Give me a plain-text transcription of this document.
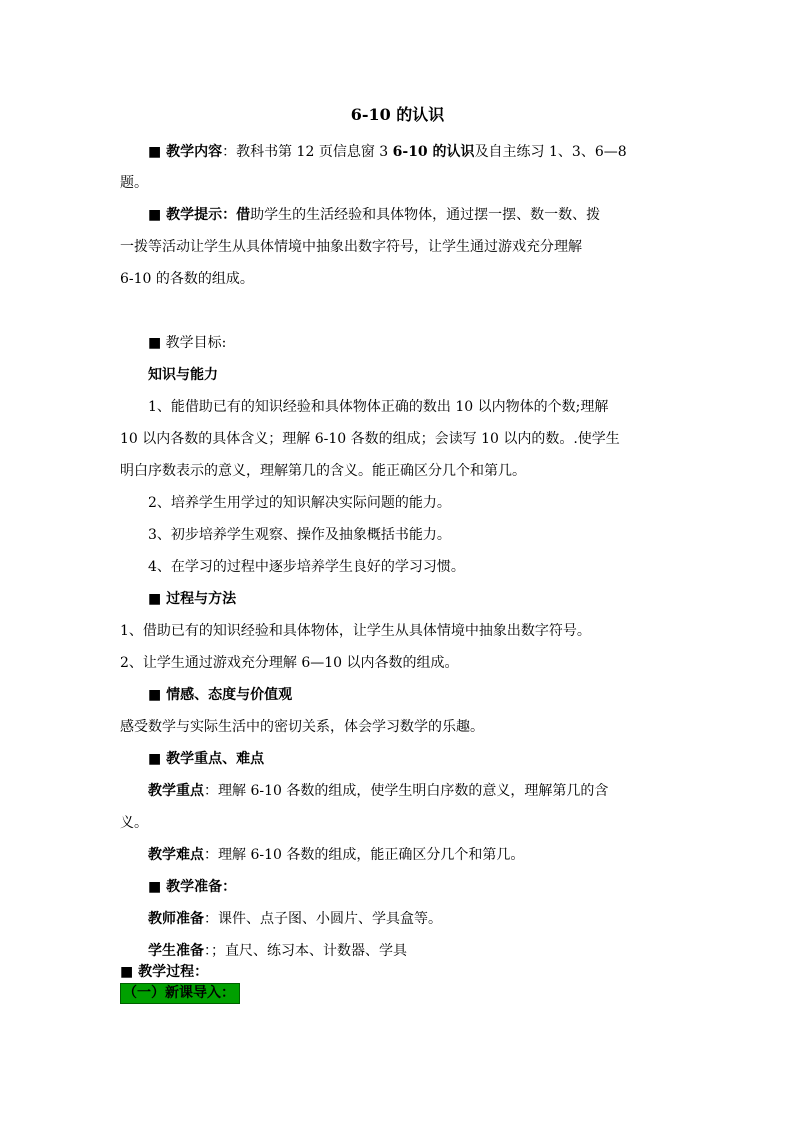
6-10 的认识

■ 教学内容：教科书第 12 页信息窗 3 6-10 的认识及自主练习 1、3、6—8

题。

■ 教学提示：借助学生的生活经验和具体物体，通过摆一摆、数一数、拨

一拨等活动让学生从具体情境中抽象出数字符号，让学生通过游戏充分理解

6-10 的各数的组成。

■ 教学目标:

知识与能力

1、能借助已有的知识经验和具体物体正确的数出 10 以内物体的个数;理解

10 以内各数的具体含义；理解 6-10 各数的组成；会读写 10 以内的数。.使学生

明白序数表示的意义，理解第几的含义。能正确区分几个和第几。

2、培养学生用学过的知识解决实际问题的能力。

3、初步培养学生观察、操作及抽象概括书能力。

4、在学习的过程中逐步培养学生良好的学习习惯。

■ 过程与方法

1、借助已有的知识经验和具体物体，让学生从具体情境中抽象出数字符号。

2、让学生通过游戏充分理解 6—10 以内各数的组成。

■ 情感、态度与价值观

感受数学与实际生活中的密切关系，体会学习数学的乐趣。

■ 教学重点、难点

教学重点：理解 6-10 各数的组成，使学生明白序数的意义，理解第几的含

义。

教学难点：理解 6-10 各数的组成，能正确区分几个和第几。

■ 教学准备：

教师准备：课件、点子图、小圆片、学具盒等。

学生准备：；直尺、练习本、计数器、学具

■ 教学过程：

（一）新课导入：
